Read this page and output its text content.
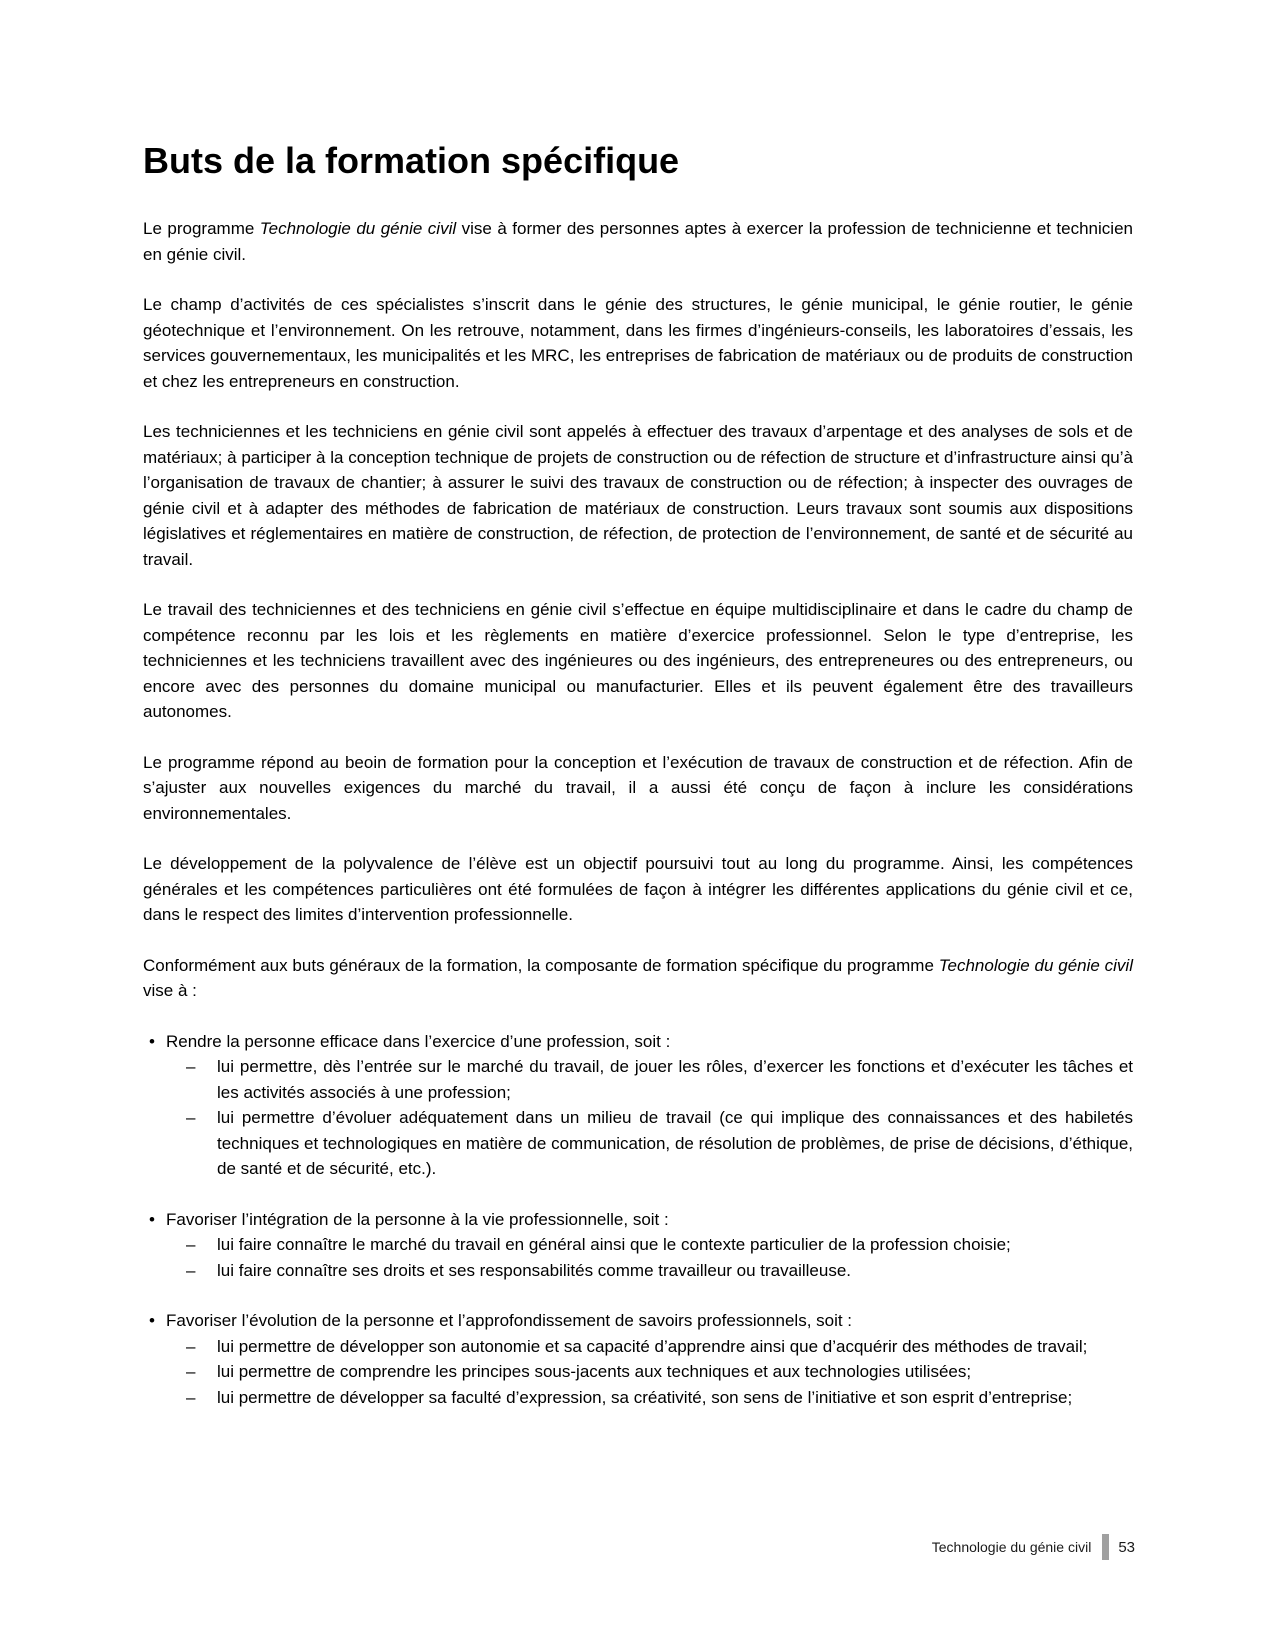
Buts de la formation spécifique

Le programme Technologie du génie civil vise à former des personnes aptes à exercer la profession de technicienne et technicien en génie civil.

Le champ d’activités de ces spécialistes s’inscrit dans le génie des structures, le génie municipal, le génie routier, le génie géotechnique et l’environnement. On les retrouve, notamment, dans les firmes d’ingénieurs-conseils, les laboratoires d’essais, les services gouvernementaux, les municipalités et les MRC, les entreprises de fabrication de matériaux ou de produits de construction et chez les entrepreneurs en construction.

Les techniciennes et les techniciens en génie civil sont appelés à effectuer des travaux d’arpentage et des analyses de sols et de matériaux; à participer à la conception technique de projets de construction ou de réfection de structure et d’infrastructure ainsi qu’à l’organisation de travaux de chantier; à assurer le suivi des travaux de construction ou de réfection; à inspecter des ouvrages de génie civil et à adapter des méthodes de fabrication de matériaux de construction. Leurs travaux sont soumis aux dispositions législatives et réglementaires en matière de construction, de réfection, de protection de l’environnement, de santé et de sécurité au travail.

Le travail des techniciennes et des techniciens en génie civil s’effectue en équipe multidisciplinaire et dans le cadre du champ de compétence reconnu par les lois et les règlements en matière d’exercice professionnel. Selon le type d’entreprise, les techniciennes et les techniciens travaillent avec des ingénieures ou des ingénieurs, des entrepreneures ou des entrepreneurs, ou encore avec des personnes du domaine municipal ou manufacturier. Elles et ils peuvent également être des travailleurs autonomes.

Le programme répond au beoin de formation pour la conception et l’exécution de travaux de construction et de réfection. Afin de s’ajuster aux nouvelles exigences du marché du travail, il a aussi été conçu de façon à inclure les considérations environnementales.

Le développement de la polyvalence de l’élève est un objectif poursuivi tout au long du programme. Ainsi, les compétences générales et les compétences particulières ont été formulées de façon à intégrer les différentes applications du génie civil et ce, dans le respect des limites d’intervention professionnelle.

Conformément aux buts généraux de la formation, la composante de formation spécifique du programme Technologie du génie civil vise à :

• Rendre la personne efficace dans l’exercice d’une profession, soit :
–	lui permettre, dès l’entrée sur le marché du travail, de jouer les rôles, d’exercer les fonctions et d’exécuter les tâches et les activités associés à une profession;
–	lui permettre d’évoluer adéquatement dans un milieu de travail (ce qui implique des connaissances et des habiletés techniques et technologiques en matière de communication, de résolution de problèmes, de prise de décisions, d’éthique, de santé et de sécurité, etc.).
• Favoriser l’intégration de la personne à la vie professionnelle, soit :
–	lui faire connaître le marché du travail en général ainsi que le contexte particulier de la profession choisie;
–	lui faire connaître ses droits et ses responsabilités comme travailleur ou travailleuse.
• Favoriser l’évolution de la personne et l’approfondissement de savoirs professionnels, soit :
–	lui permettre de développer son autonomie et sa capacité d’apprendre ainsi que d’acquérir des méthodes de travail;
–	lui permettre de comprendre les principes sous-jacents aux techniques et aux technologies utilisées;
–	lui permettre de développer sa faculté d’expression, sa créativité, son sens de l’initiative et son esprit d’entreprise;
Technologie du génie civil 53
